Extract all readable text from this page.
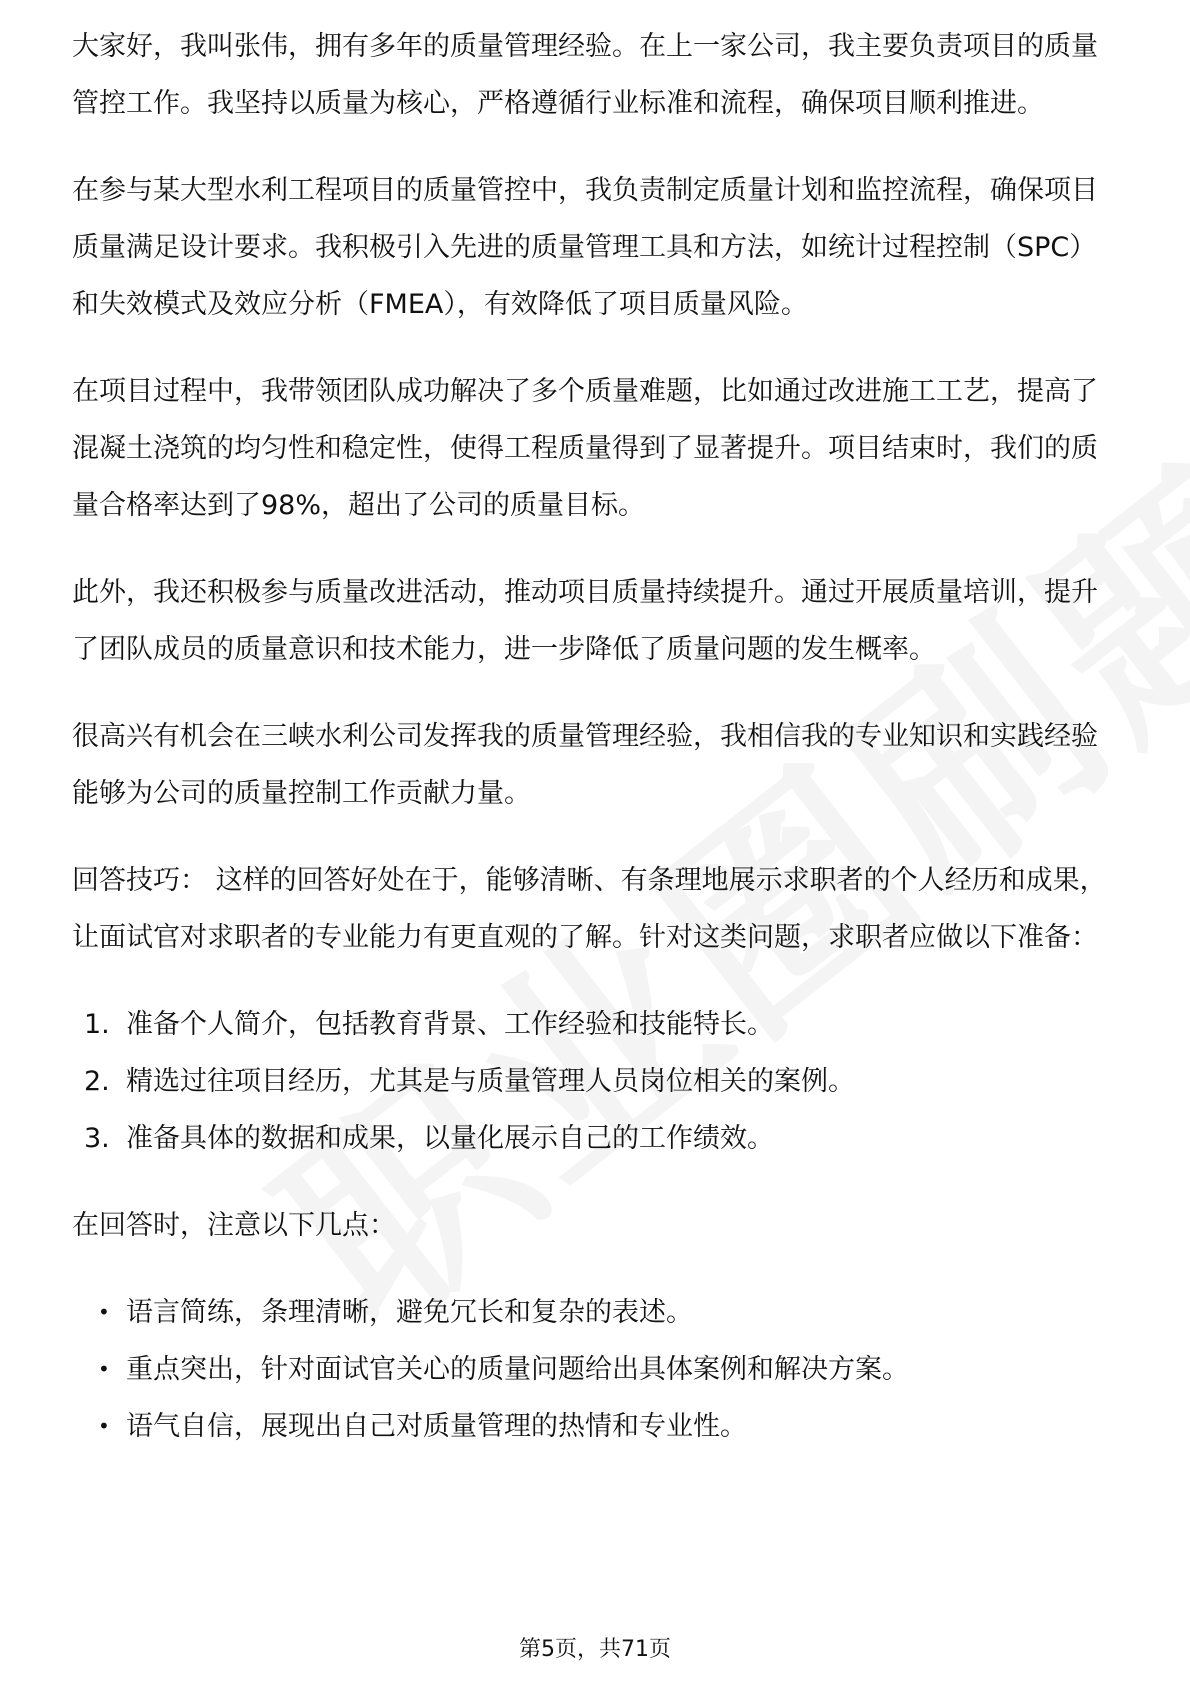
大家好，我叫张伟，拥有多年的质量管理经验。在上一家公司，我主要负责项目的质量管控工作。我坚持以质量为核心，严格遵循行业标准和流程，确保项目顺利推进。

在参与某大型水利工程项目的质量管控中，我负责制定质量计划和监控流程，确保项目质量满足设计要求。我积极引入先进的质量管理工具和方法，如统计过程控制（SPC）和失效模式及效应分析（FMEA），有效降低了项目质量风险。

在项目过程中，我带领团队成功解决了多个质量难题，比如通过改进施工工艺，提高了混凝土浇筑的均匀性和稳定性，使得工程质量得到了显著提升。项目结束时，我们的质量合格率达到了98%，超出了公司的质量目标。

此外，我还积极参与质量改进活动，推动项目质量持续提升。通过开展质量培训，提升了团队成员的质量意识和技术能力，进一步降低了质量问题的发生概率。

很高兴有机会在三峡水利公司发挥我的质量管理经验，我相信我的专业知识和实践经验能够为公司的质量控制工作贡献力量。

回答技巧： 这样的回答好处在于，能够清晰、有条理地展示求职者的个人经历和成果，让面试官对求职者的专业能力有更直观的了解。针对这类问题，求职者应做以下准备：

1. 准备个人简介，包括教育背景、工作经验和技能特长。
2. 精选过往项目经历，尤其是与质量管理人员岗位相关的案例。
3. 准备具体的数据和成果，以量化展示自己的工作绩效。

在回答时，注意以下几点：

• 语言简练，条理清晰，避免冗长和复杂的表述。
• 重点突出，针对面试官关心的质量问题给出具体案例和解决方案。
• 语气自信，展现出自己对质量管理的热情和专业性。
第5页，共71页
